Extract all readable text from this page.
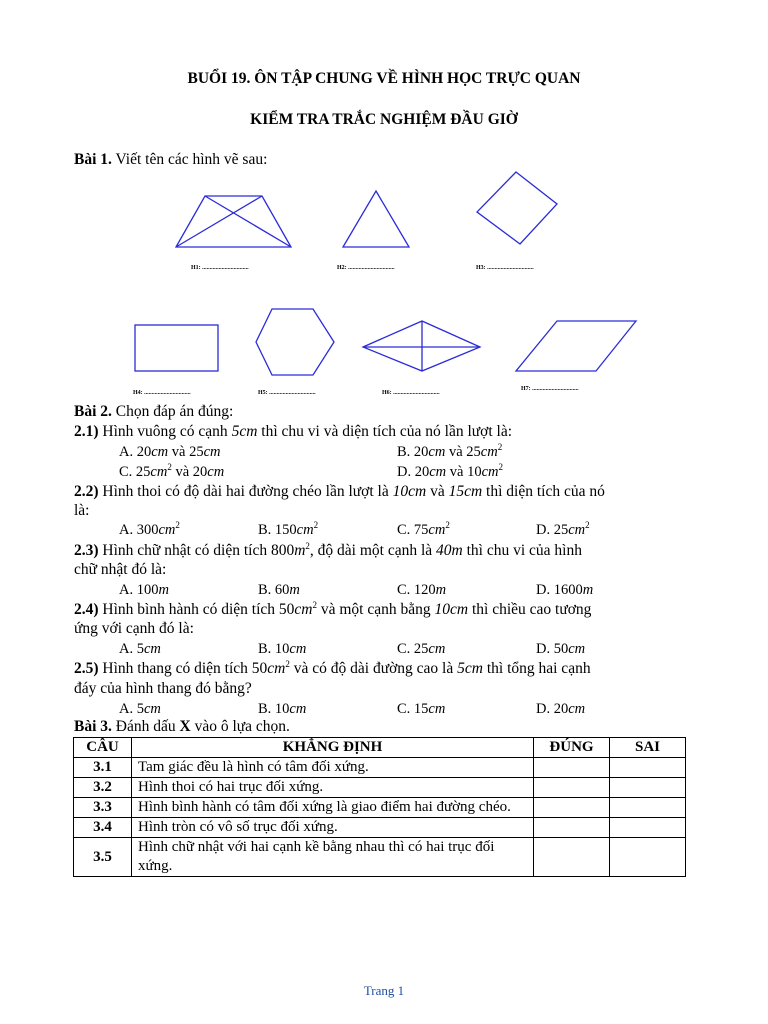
BUỔI 19. ÔN TẬP CHUNG VỀ HÌNH HỌC TRỰC QUAN
KIỂM TRA TRẮC NGHIỆM ĐẦU GIỜ
Bài 1. Viết tên các hình vẽ sau:
H1: ...............................	H2: ...............................	H3: ...............................
H4: ...............................	H5: ...............................	H6: ...............................
H7: ...............................
Bài 2. Chọn đáp án đúng:
2.1) Hình vuông có cạnh 5cm thì chu vi và diện tích của nó lần lượt là:
A. 20cm và 25cm	B. 20cm và $25cm^2$
C. $25cm^2$ và 20cm	D. 20cm và $10cm^2$
2.2) Hình thoi có độ dài hai đường chéo lần lượt là 10cm và 15cm thì diện tích của nó
là:
A. $300cm^2$	B. $150cm^2$	C. $75cm^2$	D. $25cm^2$
2.3) Hình chữ nhật có diện tích $800m^2$, độ dài một cạnh là 40m thì chu vi của hình
chữ nhật đó là:
A. 100m	B. 60m	C. 120m	D. 1600m
2.4) Hình bình hành có diện tích $50cm^2$ và một cạnh bằng 10cm thì chiều cao tương
ứng với cạnh đó là:
A. 5cm	B. 10cm	C. 25cm	D. 50cm
2.5) Hình thang có diện tích $50cm^2$ và có độ dài đường cao là 5cm thì tổng hai cạnh
đáy của hình thang đó bằng?
A. 5cm	B. 10cm	C. 15cm	D. 20cm
Bài 3. Đánh dấu X vào ô lựa chọn.
CÂU	KHẲNG ĐỊNH	ĐÚNG	SAI
3.1	Tam giác đều là hình có tâm đối xứng.		
3.2	Hình thoi có hai trục đối xứng.		
3.3	Hình bình hành có tâm đối xứng là giao điểm hai đường chéo.		
3.4	Hình tròn có vô số trục đối xứng.		
3.5	Hình chữ nhật với hai cạnh kề bằng nhau thì có hai trục đối xứng.		
Trang 1
